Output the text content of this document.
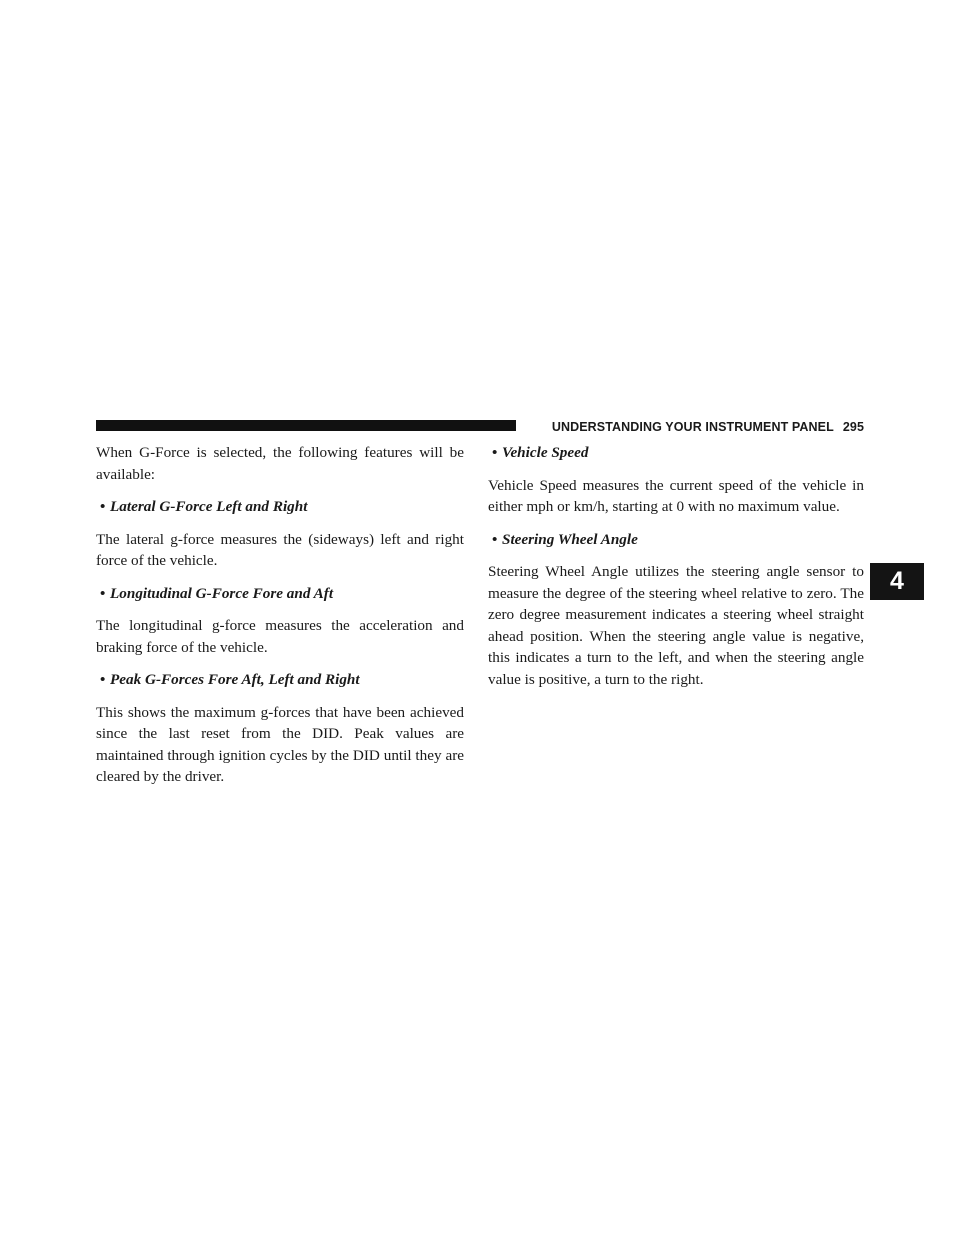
UNDERSTANDING YOUR INSTRUMENT PANEL 295
4

When G-Force is selected, the following features will be available:

• Lateral G-Force Left and Right

The lateral g-force measures the (sideways) left and right force of the vehicle.

• Longitudinal G-Force Fore and Aft

The longitudinal g-force measures the acceleration and braking force of the vehicle.

• Peak G-Forces Fore Aft, Left and Right

This shows the maximum g-forces that have been achieved since the last reset from the DID. Peak values are maintained through ignition cycles by the DID until they are cleared by the driver.

• Vehicle Speed

Vehicle Speed measures the current speed of the vehicle in either mph or km/h, starting at 0 with no maximum value.

• Steering Wheel Angle

Steering Wheel Angle utilizes the steering angle sensor to measure the degree of the steering wheel relative to zero. The zero degree measurement indicates a steering wheel straight ahead position. When the steering angle value is negative, this indicates a turn to the left, and when the steering angle value is positive, a turn to the right.
